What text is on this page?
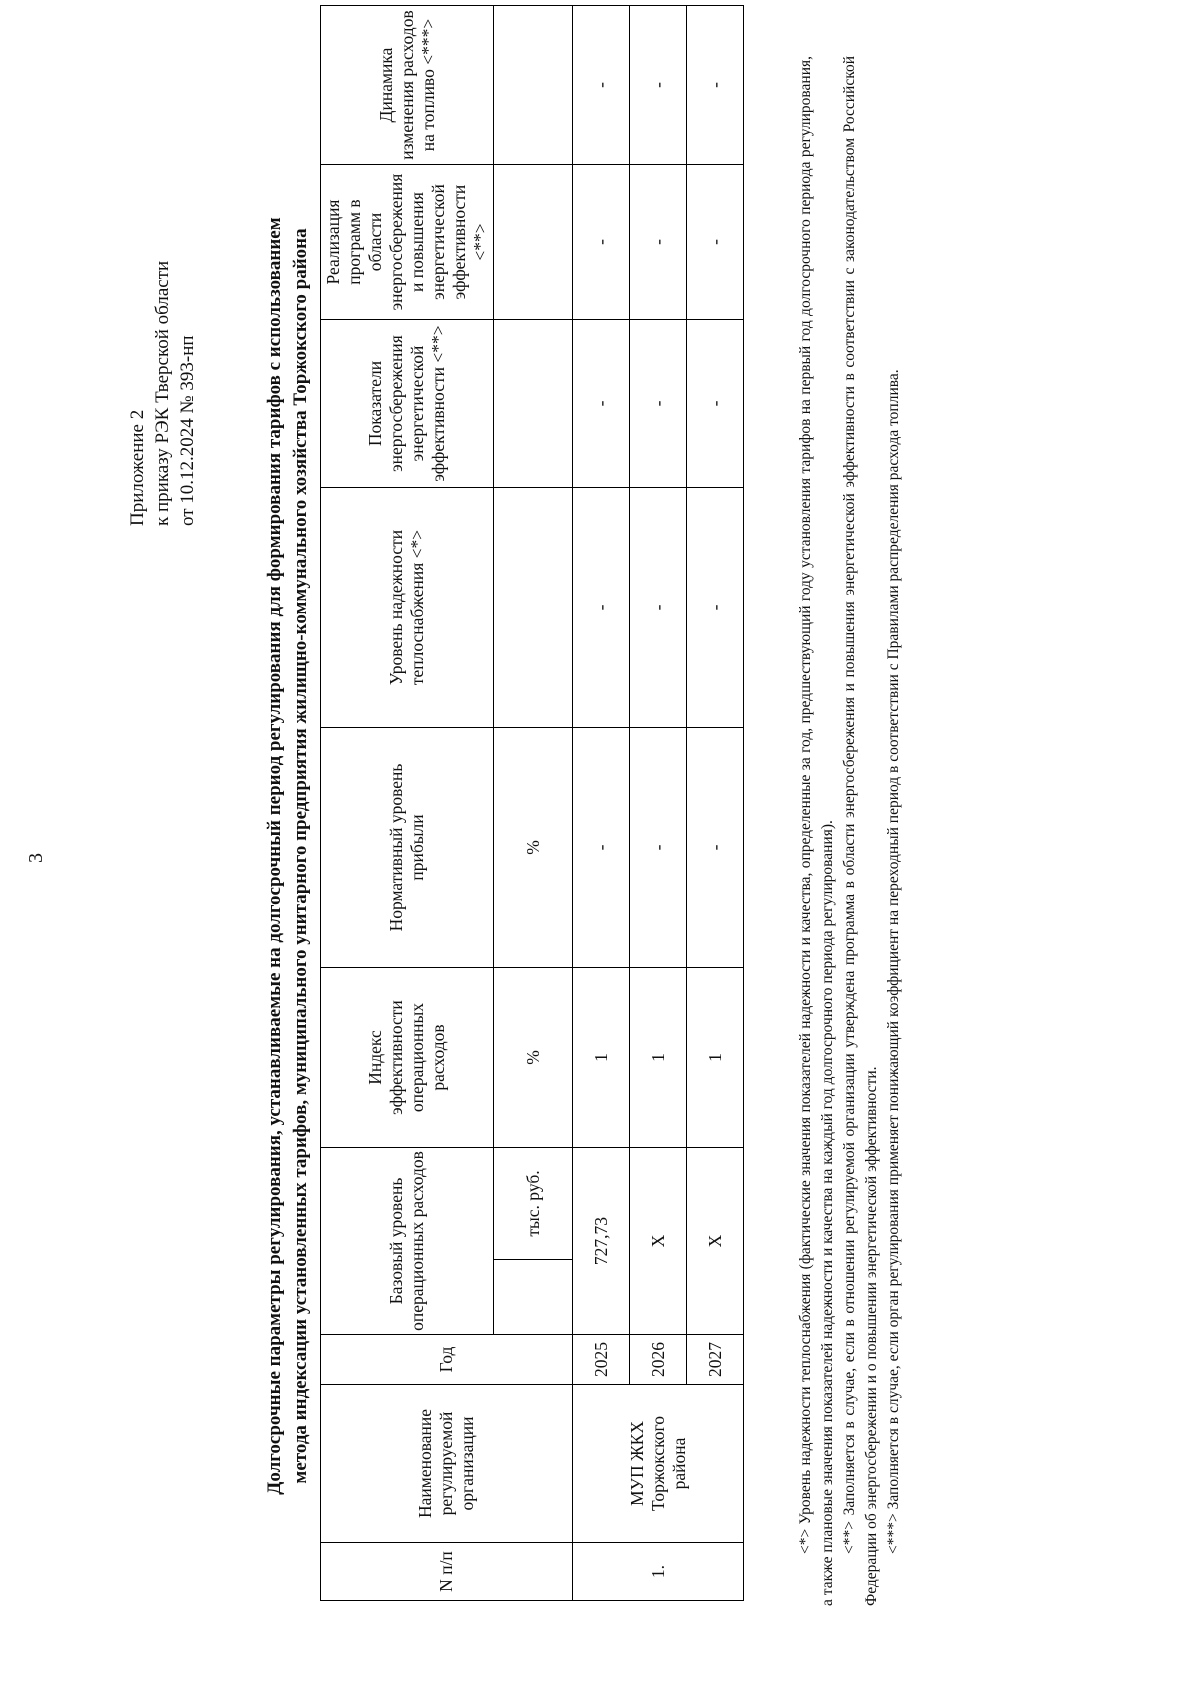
3
Приложение 2 к приказу РЭК Тверской области от 10.12.2024 № 393-нп	Долгосрочные параметры регулирования, устанавливаемые на долгосрочный период регулирования для формирования тарифов с использованием метода индексации установленных тарифов, муниципального унитарного предприятия жилищно-коммунального хозяйства Торжокского района
N п/п	Наименование регулируемой организации	Год	Базовый уровень операционных расходов		Индекс эффективности операционных расходов	Нормативный уровень прибыли	Уровень надежности теплоснабжения <*>	Показатели энергосбережения энергетической эффективности <**>	Реализация программ в области энергосбережения и повышения энергетической эффективности <**>	Динамика изменения расходов на топливо <***>
				тыс. руб.	%	%				
1.	МУП ЖКХ Торжокского района	2025	727,73		1	-	-	-	-	-
		2026	Х		1	-	-	-	-	-
		2027	Х		1	-	-	-	-	-	<*> Уровень надежности теплоснабжения (фактические значения показателей надежности и качества, определенные за год, предшествующий году установления тарифов на первый год долгосрочного периода регулирования, а также плановые значения показателей надежности и качества на каждый год долгосрочного периода регулирования). <**> Заполняется в случае, если в отношении регулируемой организации утверждена программа в области энергосбережения и повышения энергетической эффективности в соответствии с законодательством Российской Федерации об энергосбережении и о повышении энергетической эффективности. <***> Заполняется в случае, если орган регулирования применяет понижающий коэффициент на переходный период в соответствии с Правилами распределения расхода топлива.
